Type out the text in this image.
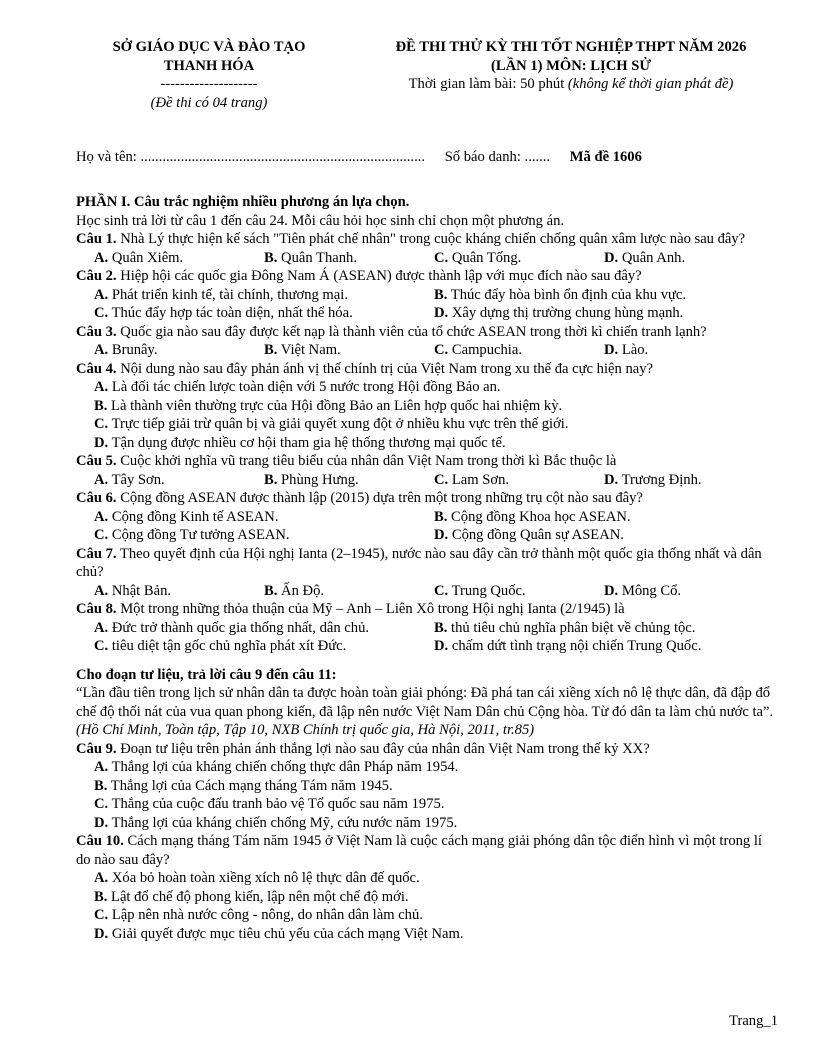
SỞ GIÁO DỤC VÀ ĐÀO TẠO
THANH HÓA
--------------------
(Đề thi có 04 trang)
ĐỀ THI THỬ KỲ THI TỐT NGHIỆP THPT NĂM 2026
(LẦN 1) MÔN: LỊCH SỬ
Thời gian làm bài: 50 phút (không kể thời gian phát đề)
Họ và tên: .............................................................................. Số báo danh: ....... Mã đề 1606
PHẦN I. Câu trắc nghiệm nhiều phương án lựa chọn.
Học sinh trả lời từ câu 1 đến câu 24. Mỗi câu hỏi học sinh chỉ chọn một phương án.
Câu 1. Nhà Lý thực hiện kế sách "Tiên phát chế nhân" trong cuộc kháng chiến chống quân xâm lược nào sau đây?
A. Quân Xiêm.	B. Quân Thanh.	C. Quân Tống.	D. Quân Anh.
Câu 2. Hiệp hội các quốc gia Đông Nam Á (ASEAN) được thành lập với mục đích nào sau đây?
A. Phát triển kinh tế, tài chính, thương mại.	B. Thúc đẩy hòa bình ổn định của khu vực.
C. Thúc đẩy hợp tác toàn diện, nhất thể hóa.	D. Xây dựng thị trường chung hùng mạnh.
Câu 3. Quốc gia nào sau đây được kết nạp là thành viên của tổ chức ASEAN trong thời kì chiến tranh lạnh?
A. Brunây.	B. Việt Nam.	C. Campuchia.	D. Lào.
Câu 4. Nội dung nào sau đây phản ánh vị thế chính trị của Việt Nam trong xu thế đa cực hiện nay?
A. Là đối tác chiến lược toàn diện với 5 nước trong Hội đồng Bảo an.
B. Là thành viên thường trực của Hội đồng Bảo an Liên hợp quốc hai nhiệm kỳ.
C. Trực tiếp giải trừ quân bị và giải quyết xung đột ở nhiều khu vực trên thế giới.
D. Tận dụng được nhiều cơ hội tham gia hệ thống thương mại quốc tế.
Câu 5. Cuộc khởi nghĩa vũ trang tiêu biểu của nhân dân Việt Nam trong thời kì Bắc thuộc là
A. Tây Sơn.	B. Phùng Hưng.	C. Lam Sơn.	D. Trương Định.
Câu 6. Cộng đồng ASEAN được thành lập (2015) dựa trên một trong những trụ cột nào sau đây?
A. Cộng đồng Kinh tế ASEAN.	B. Cộng đồng Khoa học ASEAN.
C. Cộng đồng Tư tưởng ASEAN.	D. Cộng đồng Quân sự ASEAN.
Câu 7. Theo quyết định của Hội nghị Ianta (2–1945), nước nào sau đây cần trở thành một quốc gia thống nhất và dân chủ?
A. Nhật Bản.	B. Ấn Độ.	C. Trung Quốc.	D. Mông Cổ.
Câu 8. Một trong những thỏa thuận của Mỹ – Anh – Liên Xô trong Hội nghị Ianta (2/1945) là
A. Đức trở thành quốc gia thống nhất, dân chủ.	B. thủ tiêu chủ nghĩa phân biệt về chủng tộc.
C. tiêu diệt tận gốc chủ nghĩa phát xít Đức.	D. chấm dứt tình trạng nội chiến Trung Quốc.
Cho đoạn tư liệu, trả lời câu 9 đến câu 11:
“Lần đầu tiên trong lịch sử nhân dân ta được hoàn toàn giải phóng: Đã phá tan cái xiềng xích nô lệ thực dân, đã đập đổ chế độ thối nát của vua quan phong kiến, đã lập nên nước Việt Nam Dân chủ Cộng hòa. Từ đó dân ta làm chủ nước ta”.
(Hồ Chí Minh, Toàn tập, Tập 10, NXB Chính trị quốc gia, Hà Nội, 2011, tr.85)
Câu 9. Đoạn tư liệu trên phản ánh thắng lợi nào sau đây của nhân dân Việt Nam trong thế kỷ XX?
A. Thắng lợi của kháng chiến chống thực dân Pháp năm 1954.
B. Thắng lợi của Cách mạng tháng Tám năm 1945.
C. Thắng của cuộc đấu tranh bảo vệ Tổ quốc sau năm 1975.
D. Thắng lợi của kháng chiến chống Mỹ, cứu nước năm 1975.
Câu 10. Cách mạng tháng Tám năm 1945 ở Việt Nam là cuộc cách mạng giải phóng dân tộc điển hình vì một trong lí do nào sau đây?
A. Xóa bỏ hoàn toàn xiềng xích nô lệ thực dân đế quốc.
B. Lật đổ chế độ phong kiến, lập nên một chế độ mới.
C. Lập nên nhà nước công - nông, do nhân dân làm chủ.
D. Giải quyết được mục tiêu chủ yếu của cách mạng Việt Nam.
Trang_1
